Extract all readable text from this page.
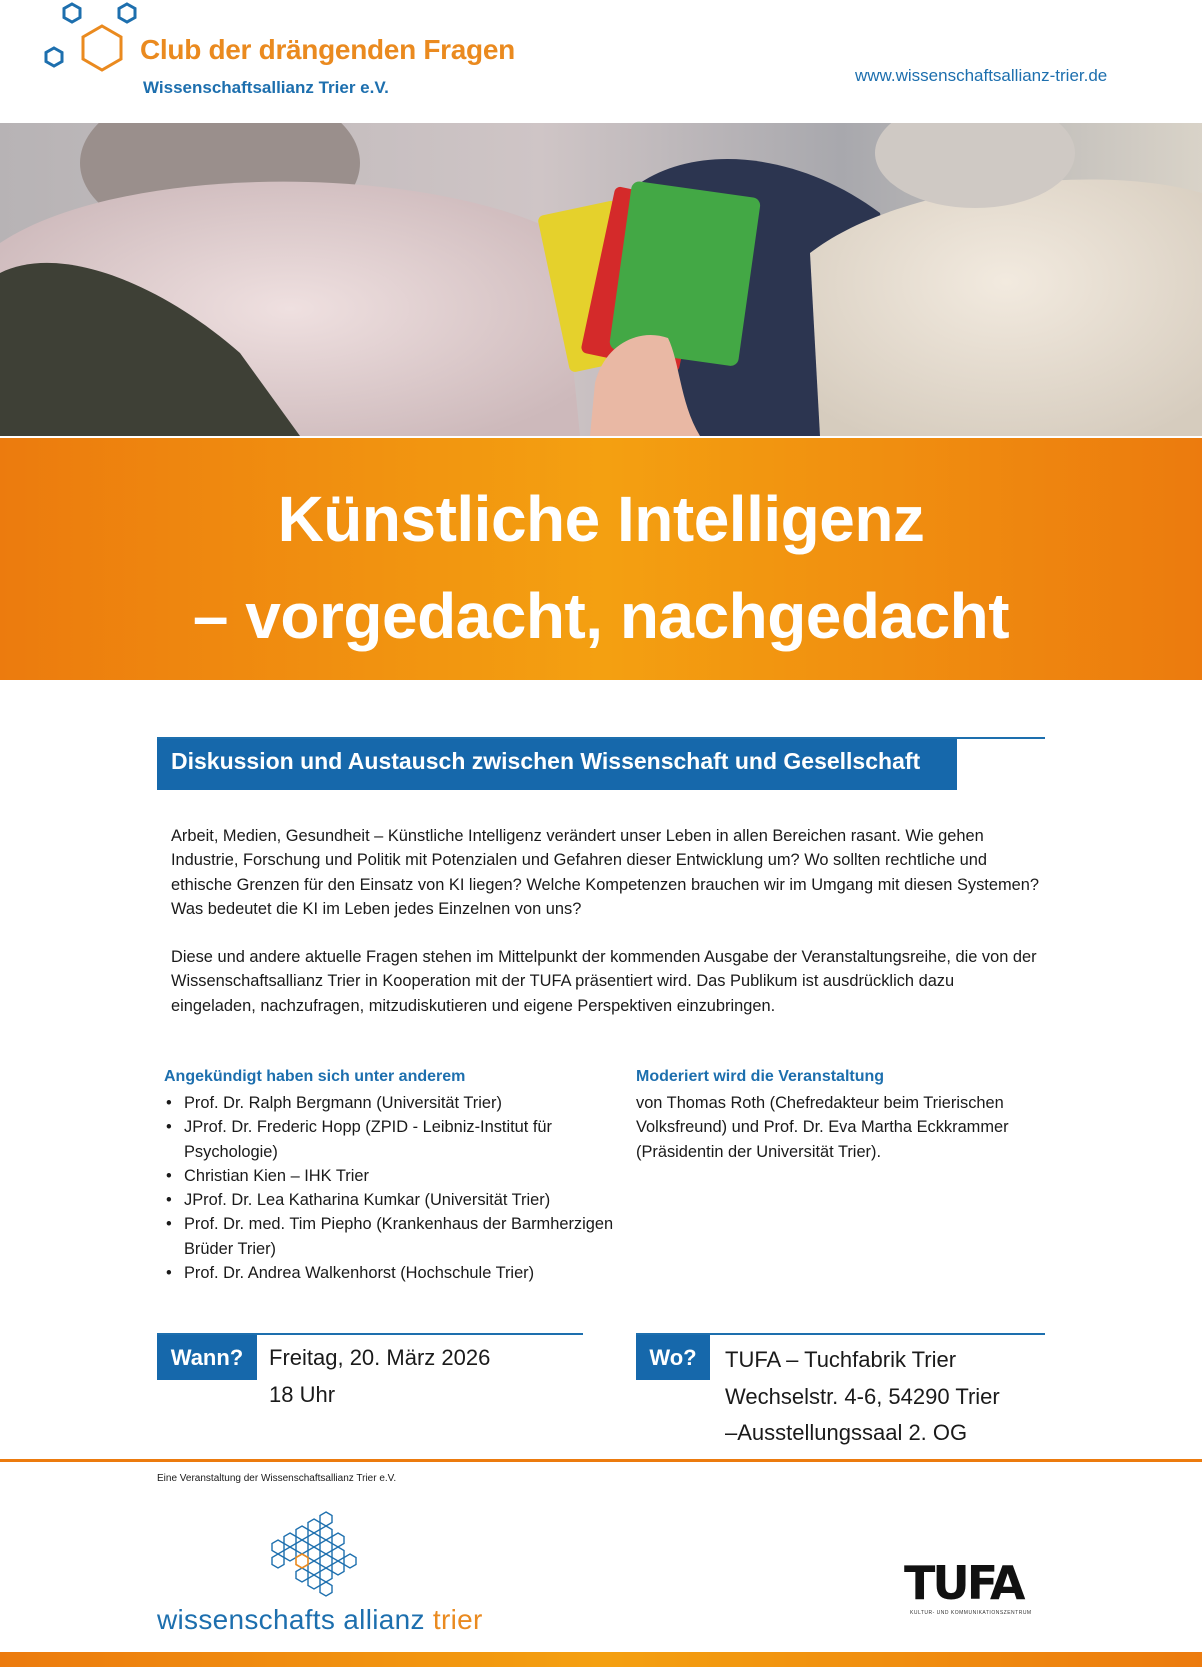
Club der drängenden Fragen
Wissenschaftsallianz Trier e.V.
www.wissenschaftsallianz-trier.de
Künstliche Intelligenz
– vorgedacht, nachgedacht
Diskussion und Austausch zwischen Wissenschaft und Gesellschaft
Arbeit, Medien, Gesundheit – Künstliche Intelligenz verändert unser Leben in allen Bereichen rasant. Wie gehen Industrie, Forschung und Politik mit Potenzialen und Gefahren dieser Entwicklung um? Wo sollten rechtliche und ethische Grenzen für den Einsatz von KI liegen? Welche Kompetenzen brauchen wir im Umgang mit diesen Systemen? Was bedeutet die KI im Leben jedes Einzelnen von uns?
Diese und andere aktuelle Fragen stehen im Mittelpunkt der kommenden Ausgabe der Veranstaltungsreihe, die von der Wissenschaftsallianz Trier in Kooperation mit der TUFA präsentiert wird. Das Publikum ist ausdrücklich dazu eingeladen, nachzufragen, mitzudiskutieren und eigene Perspektiven einzubringen.
Angekündigt haben sich unter anderem
• Prof. Dr. Ralph Bergmann (Universität Trier)
• JProf. Dr. Frederic Hopp (ZPID - Leibniz-Institut für Psychologie)
• Christian Kien – IHK Trier
• JProf. Dr. Lea Katharina Kumkar (Universität Trier)
• Prof. Dr. med. Tim Piepho (Krankenhaus der Barmherzigen Brüder Trier)
• Prof. Dr. Andrea Walkenhorst (Hochschule Trier)
Moderiert wird die Veranstaltung
von Thomas Roth (Chefredakteur beim Trierischen Volksfreund) und Prof. Dr. Eva Martha Eckkrammer (Präsidentin der Universität Trier).
Wann?	Freitag, 20. März 2026
18 Uhr
Wo?	TUFA – Tuchfabrik Trier
Wechselstr. 4-6, 54290 Trier
–Ausstellungssaal 2. OG
Eine Veranstaltung der Wissenschaftsallianz Trier e.V.
wissenschafts allianz trier
TUFA
KULTUR- UND KOMMUNIKATIONSZENTRUM
